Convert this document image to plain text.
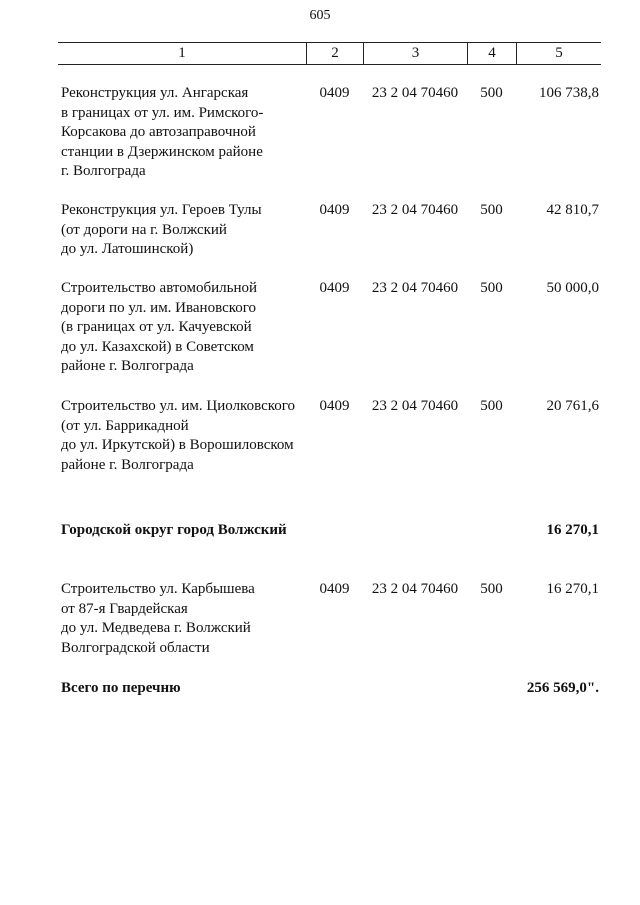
605
1	2	3	4	5
Реконструкция ул. Ангарская
в границах от ул. им. Римского-
Корсакова до автозаправочной
станции в Дзержинском районе
г. Волгограда
0409	23 2 04 70460	500	106 738,8
Реконструкция ул. Героев Тулы
(от дороги на г. Волжский
до ул. Латошинской)
0409	23 2 04 70460	500	42 810,7
Строительство автомобильной
дороги по ул. им. Ивановского
(в границах от ул. Качуевской
до ул. Казахской) в Советском
районе г. Волгограда
0409	23 2 04 70460	500	50 000,0
Строительство ул. им. Циолковского
(от ул. Баррикадной
до ул. Иркутской) в Ворошиловском
районе г. Волгограда
0409	23 2 04 70460	500	20 761,6
Городской округ город Волжский	16 270,1
Строительство ул. Карбышева
от 87-я Гвардейская
до ул. Медведева г. Волжский
Волгоградской области
0409	23 2 04 70460	500	16 270,1
Всего по перечню	256 569,0".
